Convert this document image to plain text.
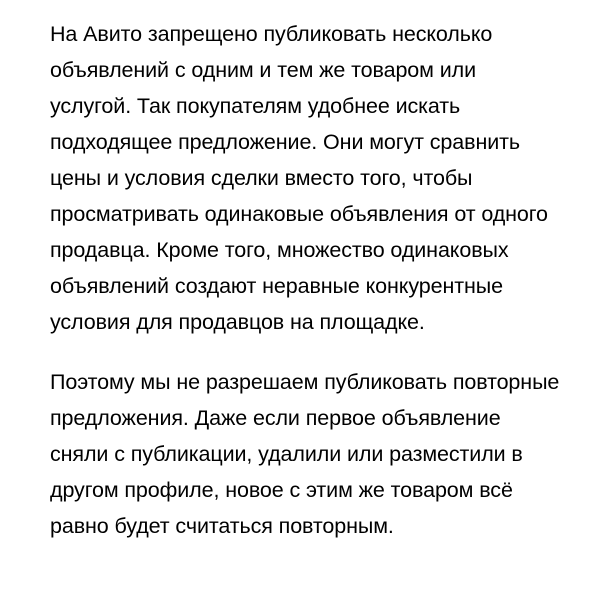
На Авито запрещено публиковать несколько объявлений с одним и тем же товаром или услугой. Так покупателям удобнее искать подходящее предложение. Они могут сравнить цены и условия сделки вместо того, чтобы просматривать одинаковые объявления от одного продавца. Кроме того, множество одинаковых объявлений создают неравные конкурентные условия для продавцов на площадке.

Поэтому мы не разрешаем публиковать повторные предложения. Даже если первое объявление сняли с публикации, удалили или разместили в другом профиле, новое с этим же товаром всё равно будет считаться повторным.
